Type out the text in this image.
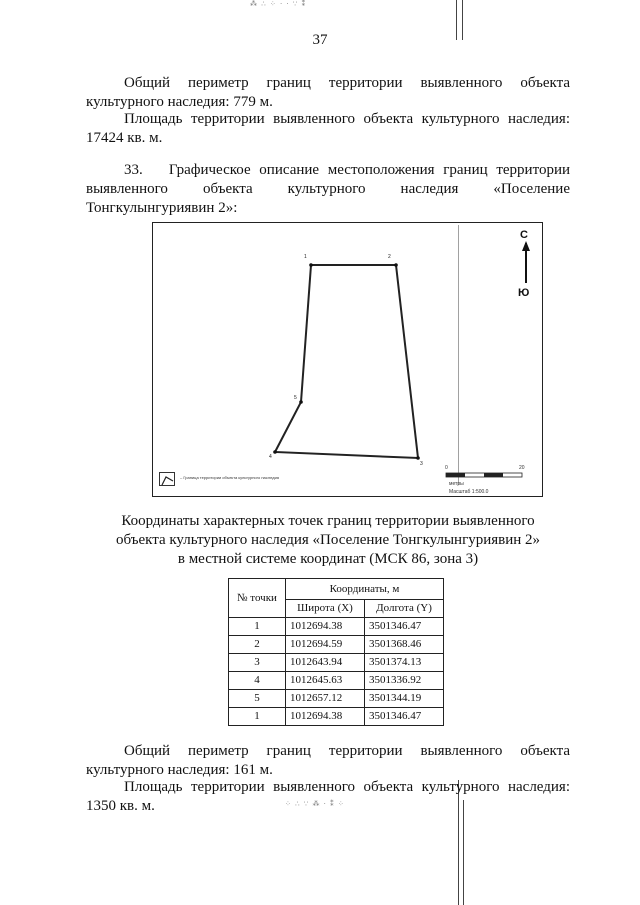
⁂ ∴ ⁘ · · ∵ ⁑
⁘ ∴ ∵ ⁂ · ⁑ ⁘
37
Общий периметр границ территории выявленного объекта
культурного наследия: 779 м.
Площадь территории выявленного объекта культурного наследия:
17424 кв. м.
33. Графическое описание местоположения границ территории
выявленного объекта культурного наследия «Поселение
Тонгкулынгуриявин 2»:
1	2
3
4
5
С
Ю
– Граница территории объекта культурного наследия
0	20
метры
Масштаб 1:500.0
Координаты характерных точек границ территории выявленного
объекта культурного наследия «Поселение Тонгкулынгуриявин 2»
в местной системе координат (МСК 86, зона 3)
№ точки	Координаты, м	
	Широта (X)	Долгота (Y)
1	1012694.38	3501346.47
2	1012694.59	3501368.46
3	1012643.94	3501374.13
4	1012645.63	3501336.92
5	1012657.12	3501344.19
1	1012694.38	3501346.47
Общий периметр границ территории выявленного объекта
культурного наследия: 161 м.
Площадь территории выявленного объекта культурного наследия:
1350 кв. м.
